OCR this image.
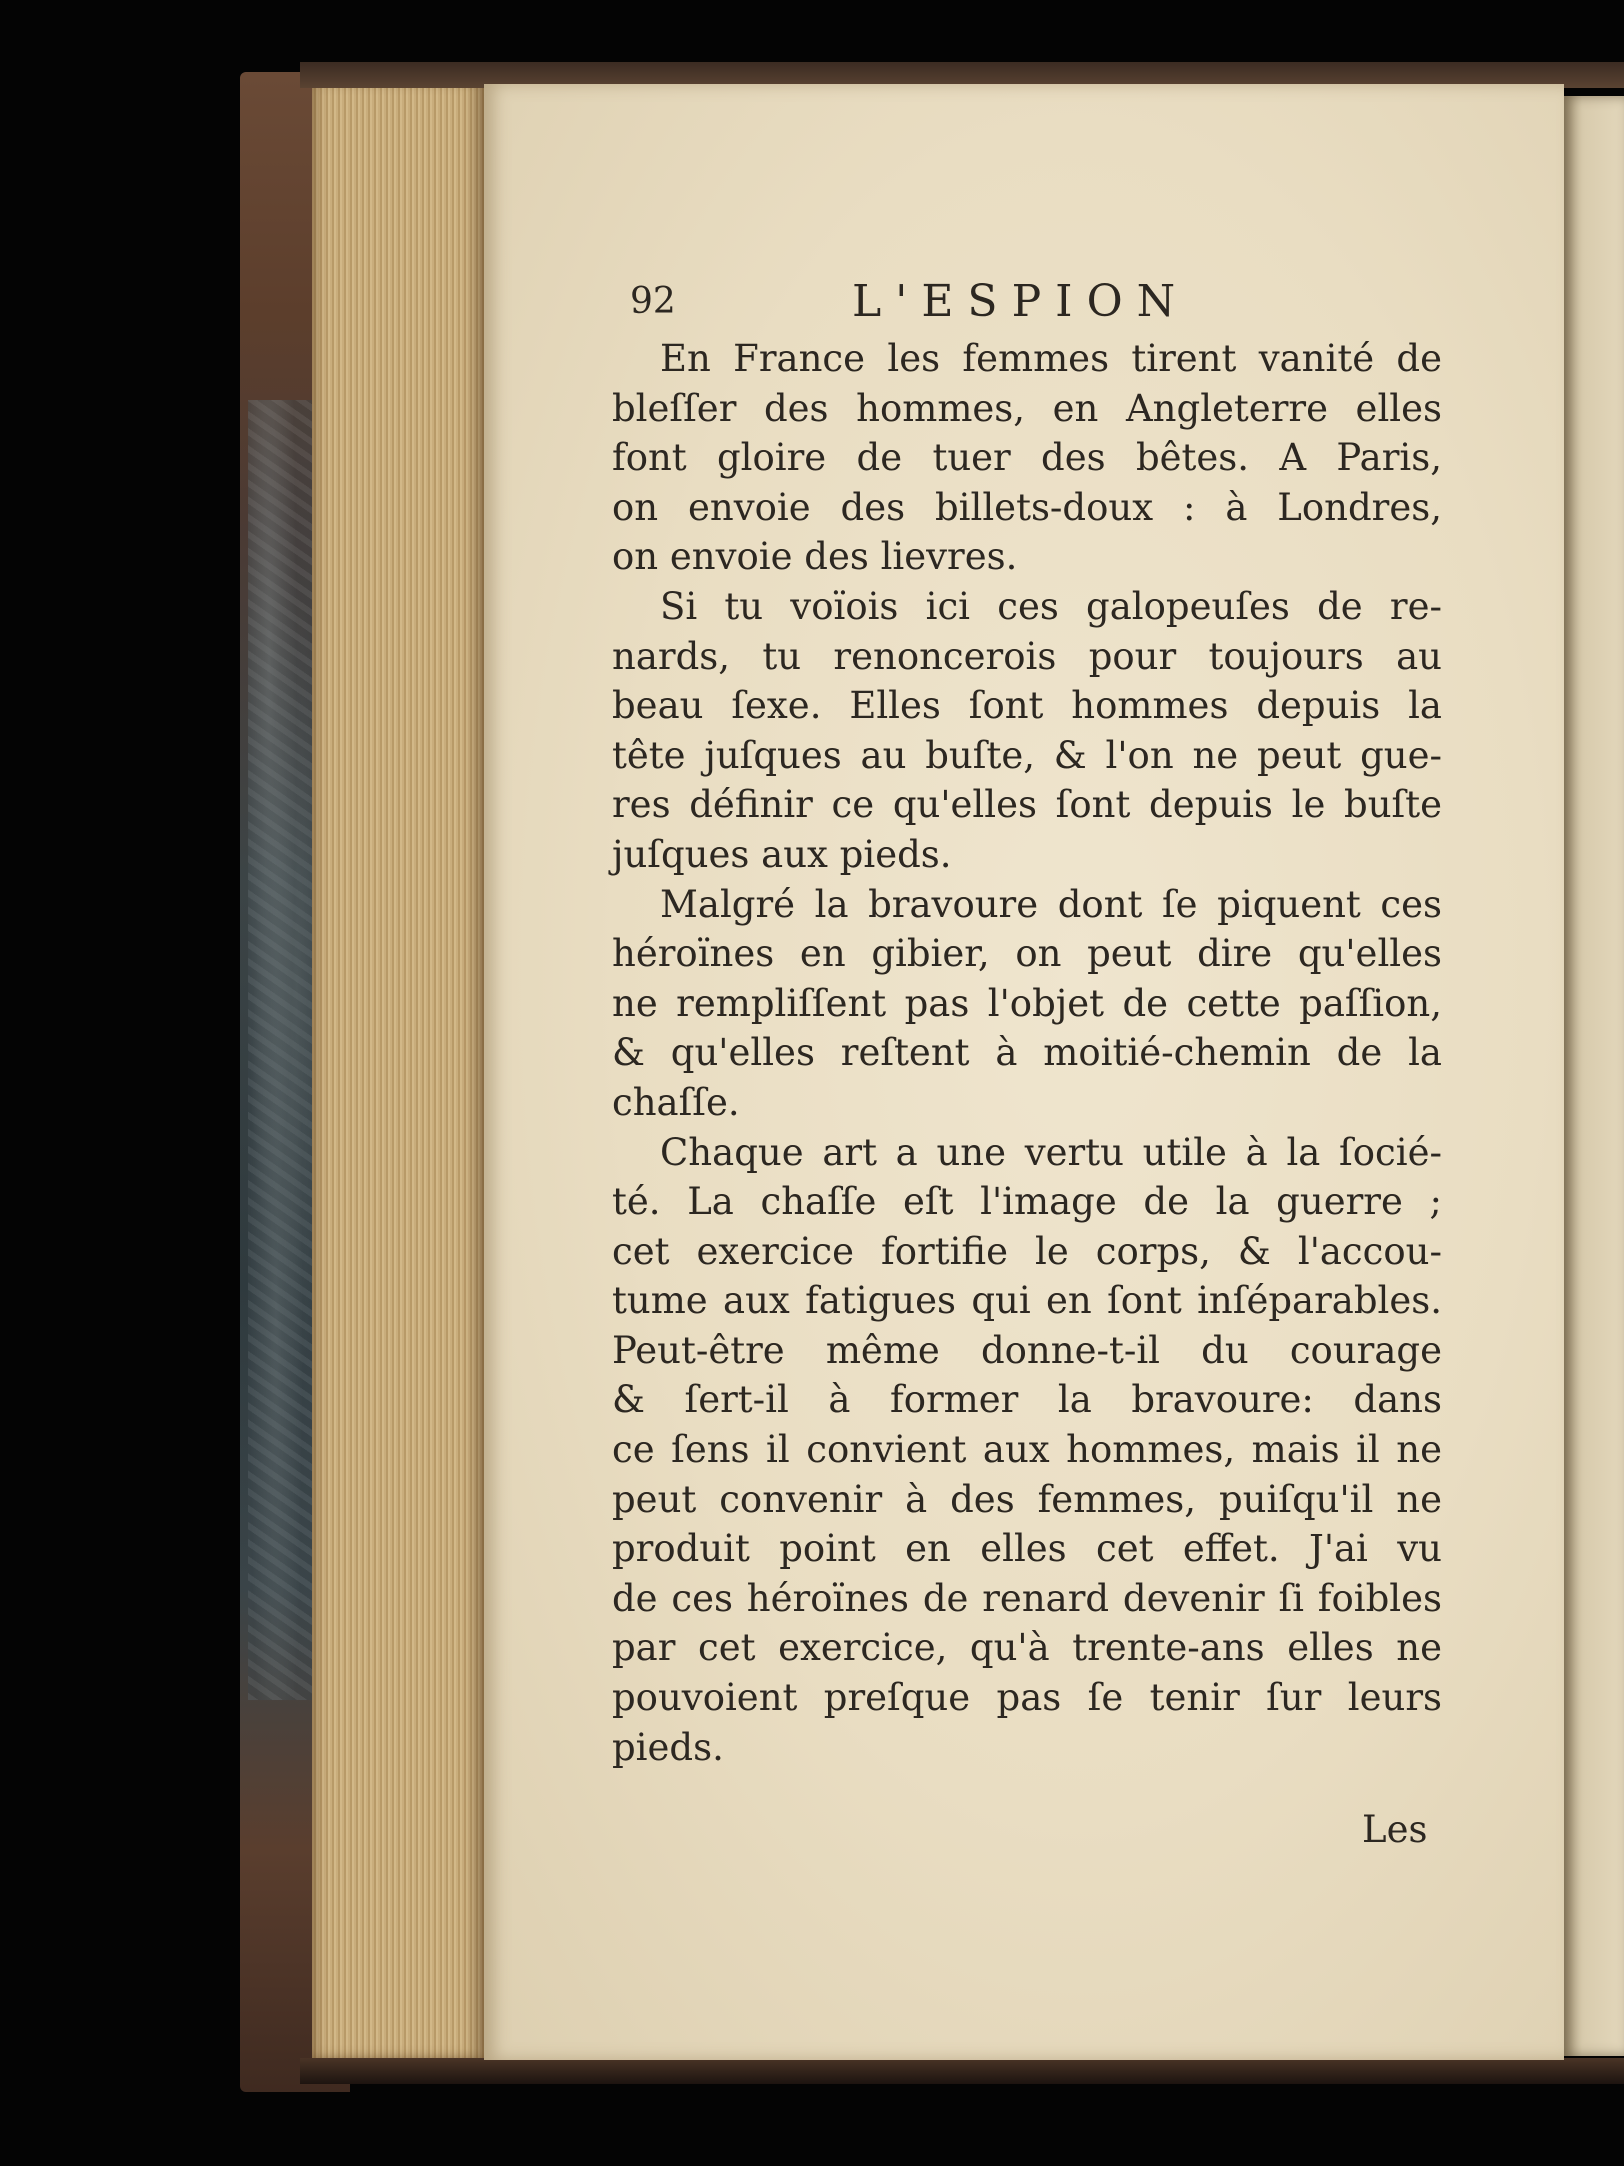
92	L'ESPION
En France les femmes tirent vanité de
bleſſer des hommes, en Angleterre elles
font gloire de tuer des bêtes. A Paris,
on envoie des billets-doux : à Londres,
on envoie des lievres.
Si tu voïois ici ces galopeuſes de re-
nards, tu renoncerois pour toujours au
beau ſexe. Elles ſont hommes depuis la
tête juſques au buſte, & l'on ne peut gue-
res définir ce qu'elles ſont depuis le buſte
juſques aux pieds.
Malgré la bravoure dont ſe piquent ces
héroïnes en gibier, on peut dire qu'elles
ne rempliſſent pas l'objet de cette paſſion,
& qu'elles reſtent à moitié-chemin de la
chaſſe.
Chaque art a une vertu utile à la ſocié-
té. La chaſſe eſt l'image de la guerre ;
cet exercice fortifie le corps, & l'accou-
tume aux fatigues qui en ſont inſéparables.
Peut-être même donne-t-il du courage
& ſert-il à former la bravoure: dans
ce ſens il convient aux hommes, mais il ne
peut convenir à des femmes, puiſqu'il ne
produit point en elles cet effet. J'ai vu
de ces héroïnes de renard devenir ſi foibles
par cet exercice, qu'à trente-ans elles ne
pouvoient preſque pas ſe tenir ſur leurs
pieds.
Les
